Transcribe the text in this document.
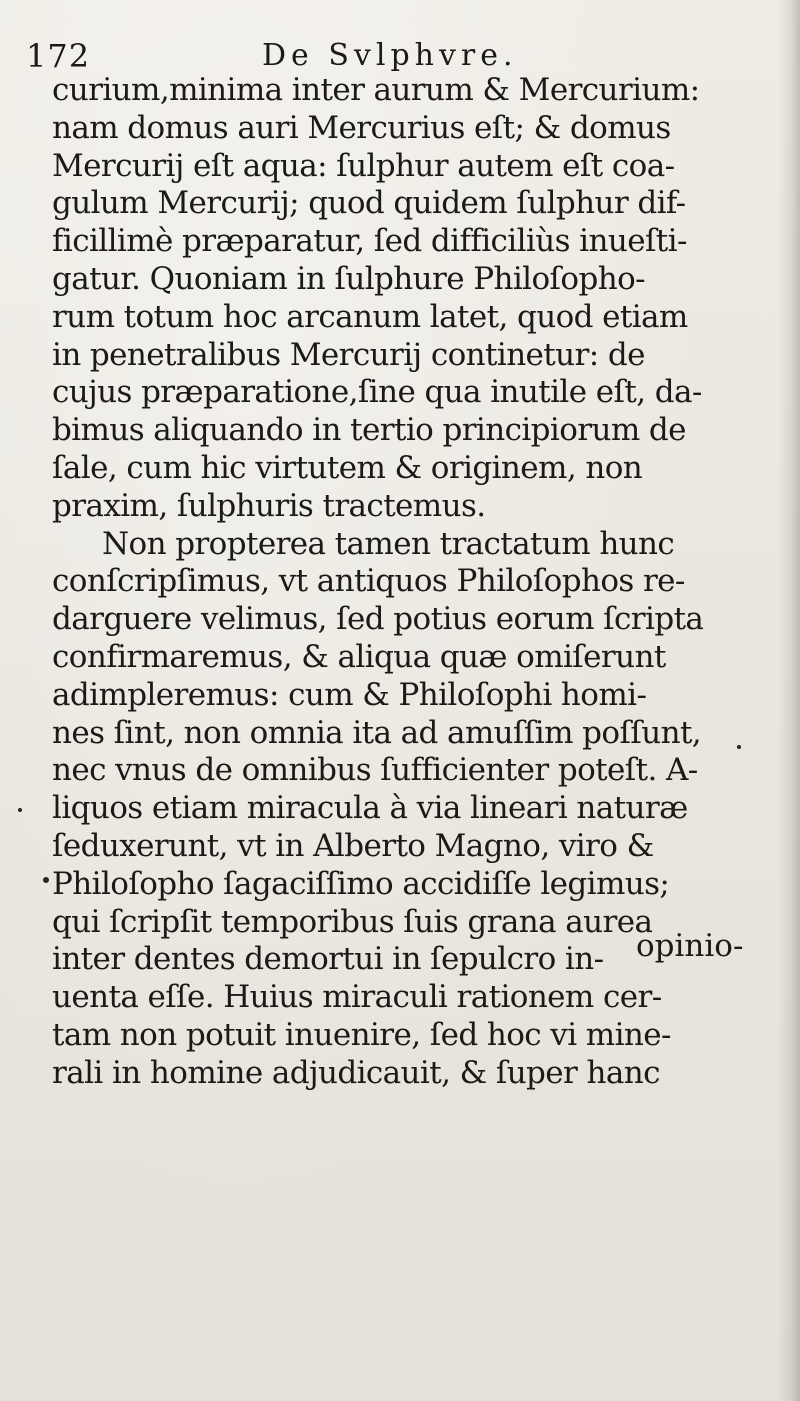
172	De Svlphvre.
curium,minima inter aurum & Mercurium:
nam domus auri Mercurius eſt; & domus
Mercurij eſt aqua: ſulphur autem eſt coa-
gulum Mercurij; quod quidem ſulphur dif-
ficillimè præparatur, ſed difficiliùs inueſti-
gatur. Quoniam in ſulphure Philoſopho-
rum totum hoc arcanum latet, quod etiam
in penetralibus Mercurij continetur: de
cujus præparatione,ſine qua inutile eſt, da-
bimus aliquando in tertio principiorum de
ſale, cum hic virtutem & originem, non
praxim, ſulphuris tractemus.
Non propterea tamen tractatum hunc
conſcripſimus, vt antiquos Philoſophos re-
darguere velimus, ſed potius eorum ſcripta
confirmaremus, & aliqua quæ omiſerunt
adimpleremus: cum & Philoſophi homi-
nes ſint, non omnia ita ad amuſſim poſſunt,
nec vnus de omnibus ſufficienter poteſt. A-
liquos etiam miracula à via lineari naturæ
ſeduxerunt, vt in Alberto Magno, viro &
Philoſopho ſagaciſſimo accidiſſe legimus;
qui ſcripſit temporibus ſuis grana aurea
inter dentes demortui in ſepulcro in-
uenta eſſe. Huius miraculi rationem cer-
tam non potuit inuenire, ſed hoc vi mine-
rali in homine adjudicauit, & ſuper hanc
opinio-
